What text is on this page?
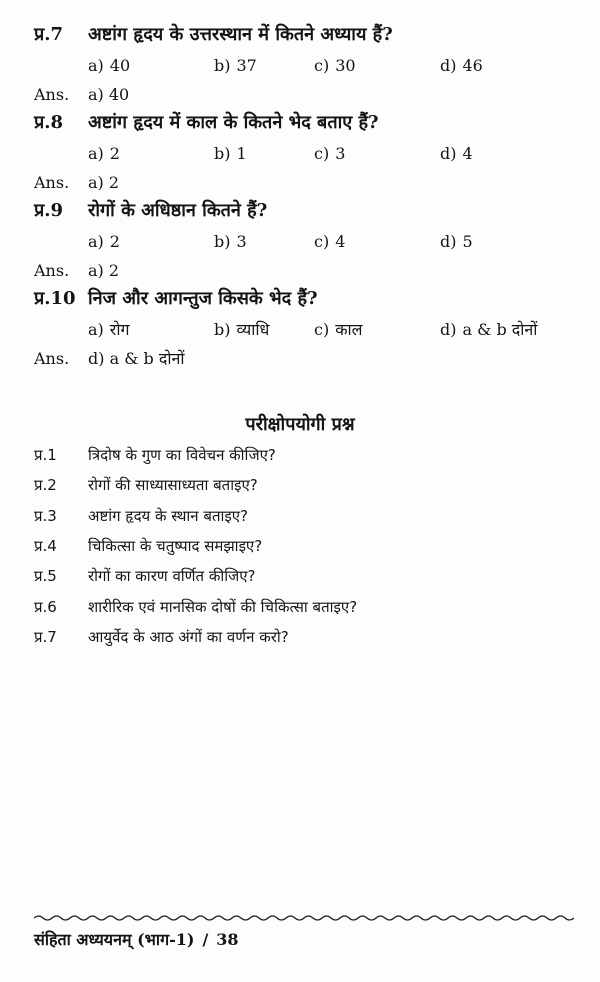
प्र.7	अष्टांग हृदय के उत्तरस्थान में कितने अध्याय हैं?
a) 40	b) 37	c) 30	d) 46
Ans.	a) 40
प्र.8	अष्टांग हृदय में काल के कितने भेद बताए हैं?
a) 2	b) 1	c) 3	d) 4
Ans.	a) 2
प्र.9	रोगों के अधिष्ठान कितने हैं?
a) 2	b) 3	c) 4	d) 5
Ans.	a) 2
प्र.10 निज और आगन्तुज किसके भेद हैं?
a) रोग	b) व्याधि	c) काल	d) a & b दोनों
Ans.	d) a & b दोनों
परीक्षोपयोगी प्रश्न
प्र.1	त्रिदोष के गुण का विवेचन कीजिए?
प्र.2	रोगों की साध्यासाध्यता बताइए?
प्र.3	अष्टांग हृदय के स्थान बताइए?
प्र.4	चिकित्सा के चतुष्पाद समझाइए?
प्र.5	रोगों का कारण वर्णित कीजिए?
प्र.6	शारीरिक एवं मानसिक दोषों की चिकित्सा बताइए?
प्र.7	आयुर्वेद के आठ अंगों का वर्णन करो?
संहिता अध्ययनम् (भाग-1) / 38
